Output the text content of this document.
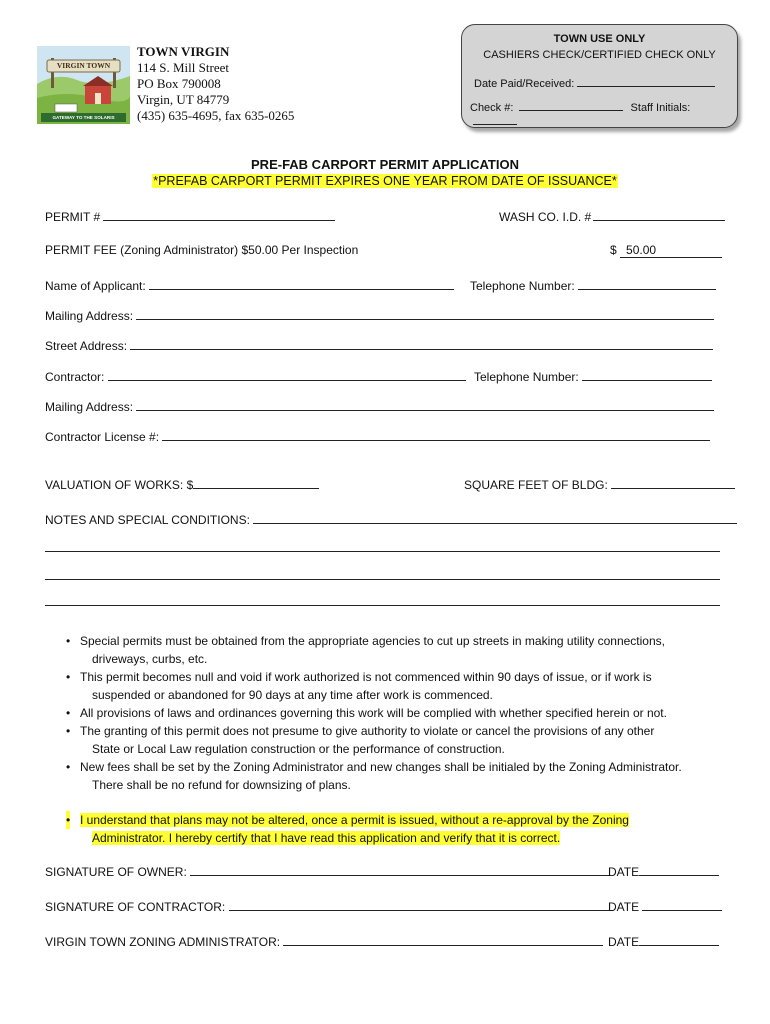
VIRGIN TOWN
GATEWAY TO THE SOLARIS
TOWN VIRGIN
114 S. Mill Street
PO Box 790008
Virgin, UT 84779
(435) 635-4695, fax 635-0265
TOWN USE ONLY
CASHIERS CHECK/CERTIFIED CHECK ONLY
Date Paid/Received:
Check #:	Staff Initials:
PRE-FAB CARPORT PERMIT APPLICATION
*PREFAB CARPORT PERMIT EXPIRES ONE YEAR FROM DATE OF ISSUANCE*
PERMIT #	WASH CO. I.D. #
PERMIT FEE (Zoning Administrator) $50.00 Per Inspection	$ 50.00
Name of Applicant:	Telephone Number:
Mailing Address:
Street Address:
Contractor:	Telephone Number:
Mailing Address:
Contractor License #:
VALUATION OF WORKS: $	SQUARE FEET OF BLDG:
NOTES AND SPECIAL CONDITIONS:
• Special permits must be obtained from the appropriate agencies to cut up streets in making utility connections,
driveways, curbs, etc.
• This permit becomes null and void if work authorized is not commenced within 90 days of issue, or if work is
suspended or abandoned for 90 days at any time after work is commenced.
• All provisions of laws and ordinances governing this work will be complied with whether specified herein or not.
• The granting of this permit does not presume to give authority to violate or cancel the provisions of any other
State or Local Law regulation construction or the performance of construction.
• New fees shall be set by the Zoning Administrator and new changes shall be initialed by the Zoning Administrator.
There shall be no refund for downsizing of plans.
• I understand that plans may not be altered, once a permit is issued, without a re-approval by the Zoning
Administrator. I hereby certify that I have read this application and verify that it is correct.
SIGNATURE OF OWNER:	DATE
SIGNATURE OF CONTRACTOR:	DATE
VIRGIN TOWN ZONING ADMINISTRATOR:	DATE
